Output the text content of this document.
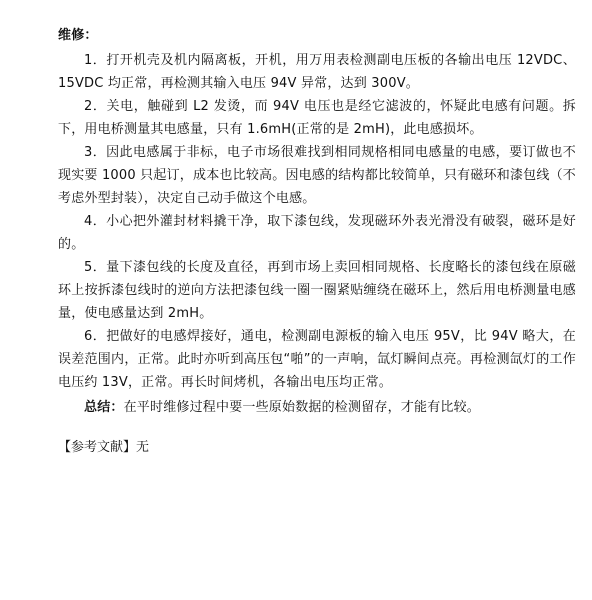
维修：

1．打开机壳及机内隔离板，开机，用万用表检测副电压板的各输出电压 12VDC、15VDC 均正常，再检测其输入电压 94V 异常，达到 300V。

2．关电，触碰到 L2 发烫，而 94V 电压也是经它滤波的，怀疑此电感有问题。拆下，用电桥测量其电感量，只有 1.6mH(正常的是 2mH)，此电感损坏。

3．因此电感属于非标，电子市场很难找到相同规格相同电感量的电感，要订做也不现实要 1000 只起订，成本也比较高。因电感的结构都比较简单，只有磁环和漆包线（不考虑外型封装），决定自己动手做这个电感。

4．小心把外灌封材料撬干净，取下漆包线，发现磁环外表光滑没有破裂，磁环是好的。

5．量下漆包线的长度及直径，再到市场上卖回相同规格、长度略长的漆包线在原磁环上按拆漆包线时的逆向方法把漆包线一圈一圈紧贴缠绕在磁环上，然后用电桥测量电感量，使电感量达到 2mH。

6．把做好的电感焊接好，通电，检测副电源板的输入电压 95V，比 94V 略大，在误差范围内，正常。此时亦听到高压包“啪”的一声响，氙灯瞬间点亮。再检测氙灯的工作电压约 13V，正常。再长时间烤机，各输出电压均正常。

总结：在平时维修过程中要一些原始数据的检测留存，才能有比较。

【参考文献】无
